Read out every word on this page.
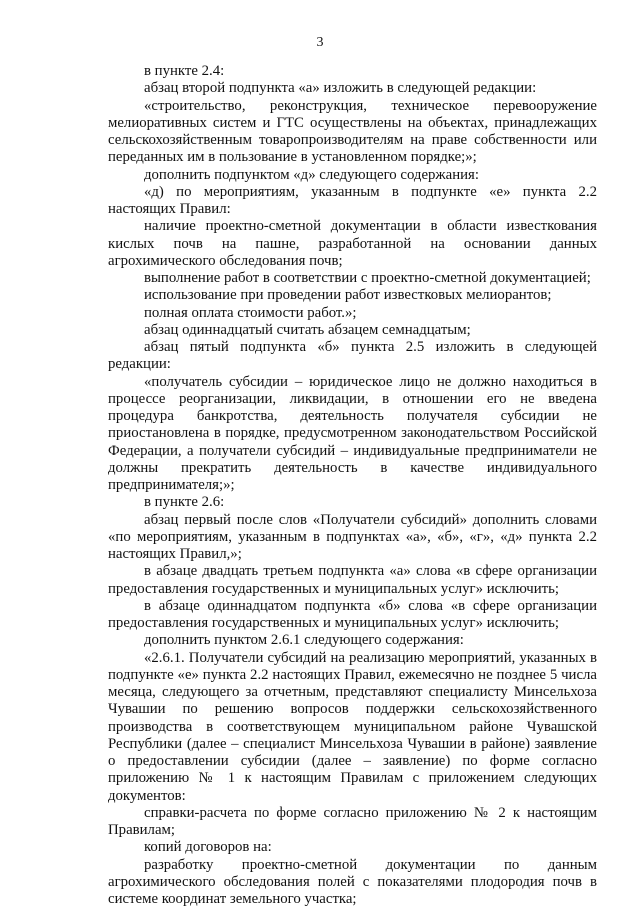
3

в пункте 2.4:

абзац второй подпункта «а» изложить в следующей редакции:

«строительство, реконструкция, техническое перевооружение мелиоративных систем и ГТС осуществлены на объектах, принадлежащих сельскохозяйственным товаропроизводителям на праве собственности или переданных им в пользование в установленном порядке;»;

дополнить подпунктом «д» следующего содержания:

«д) по мероприятиям, указанным в подпункте «е» пункта 2.2 настоящих Правил:

наличие проектно-сметной документации в области известкования кислых почв на пашне, разработанной на основании данных агрохимического обследования почв;

выполнение работ в соответствии с проектно-сметной документацией;

использование при проведении работ известковых мелиорантов;

полная оплата стоимости работ.»;

абзац одиннадцатый считать абзацем семнадцатым;

абзац пятый подпункта «б» пункта 2.5 изложить в следующей редакции:

«получатель субсидии – юридическое лицо не должно находиться в процессе реорганизации, ликвидации, в отношении его не введена процедура банкротства, деятельность получателя субсидии не приостановлена в порядке, предусмотренном законодательством Российской Федерации, а получатели субсидий – индивидуальные предприниматели не должны прекратить деятельность в качестве индивидуального предпринимателя;»;

в пункте 2.6:

абзац первый после слов «Получатели субсидий» дополнить словами «по мероприятиям, указанным в подпунктах «а», «б», «г», «д» пункта 2.2 настоящих Правил,»;

в абзаце двадцать третьем подпункта «а» слова «в сфере организации предоставления государственных и муниципальных услуг» исключить;

в абзаце одиннадцатом подпункта «б» слова «в сфере организации предоставления государственных и муниципальных услуг» исключить;

дополнить пунктом 2.6.1 следующего содержания:

«2.6.1. Получатели субсидий на реализацию мероприятий, указанных в подпункте «е» пункта 2.2 настоящих Правил, ежемесячно не позднее 5 числа месяца, следующего за отчетным, представляют специалисту Минсельхоза Чувашии по решению вопросов поддержки сельскохозяйственного производства в соответствующем муниципальном районе Чувашской Республики (далее – специалист Минсельхоза Чувашии в районе) заявление о предоставлении субсидии (далее – заявление) по форме согласно приложению № 1 к настоящим Правилам с приложением следующих документов:

справки-расчета по форме согласно приложению № 2 к настоящим Правилам;

копий договоров на:

разработку проектно-сметной документации по данным агрохимического обследования полей с показателями плодородия почв в системе координат земельного участка;
